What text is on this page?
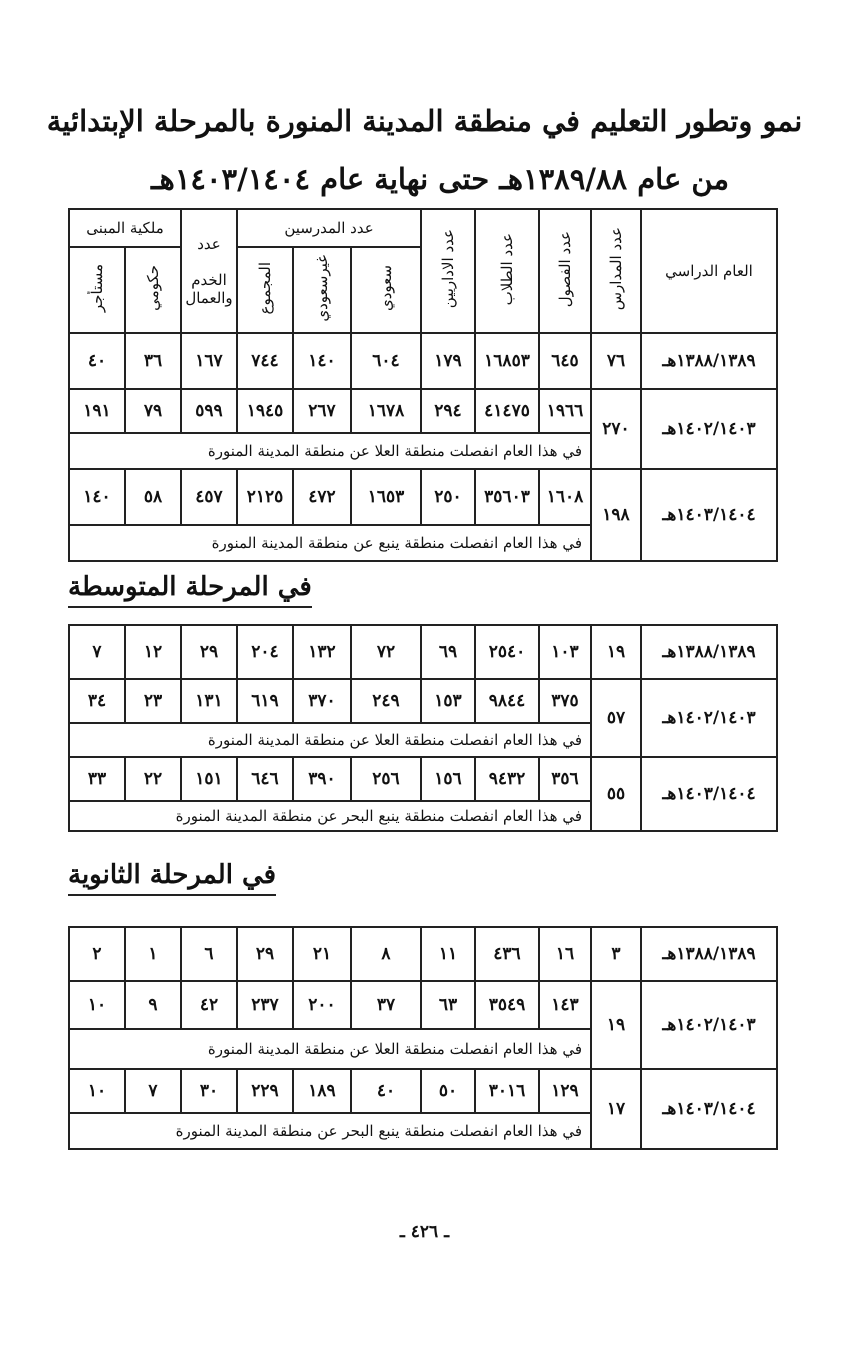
نمو وتطور التعليم في منطقة المدينة المنورة بالمرحلة الإبتدائية
من عام ١٣٨٩/٨٨هـ حتى نهاية عام ١٤٠٣/١٤٠٤هـ
العام الدراسي	عدد المدارس	عدد الفصول	عدد الطلاب	عدد الاداريين	عدد المدرسين			عدد
الخدم
والعمال	ملكية المبنى	
					سعودي	غيرسعودي	المجموع		حكومي	مستأجر
١٣٨٨/١٣٨٩هـ	٧٦	٦٤٥	١٦٨٥٣	١٧٩	٦٠٤	١٤٠	٧٤٤	١٦٧	٣٦	٤٠
١٤٠٢/١٤٠٣هـ	٢٧٠	١٩٦٦	٤١٤٧٥	٢٩٤	١٦٧٨	٢٦٧	١٩٤٥	٥٩٩	٧٩	١٩١
		في هذا العام انفصلت منطقة العلا عن منطقة المدينة المنورة								
١٤٠٣/١٤٠٤هـ	١٩٨	١٦٠٨	٣٥٦٠٣	٢٥٠	١٦٥٣	٤٧٢	٢١٢٥	٤٥٧	٥٨	١٤٠
		في هذا العام انفصلت منطقة ينبع عن منطقة المدينة المنورة								
في المرحلة المتوسطة
١٣٨٨/١٣٨٩هـ	١٩	١٠٣	٢٥٤٠	٦٩	٧٢	١٣٢	٢٠٤	٢٩	١٢	٧
١٤٠٢/١٤٠٣هـ	٥٧	٣٧٥	٩٨٤٤	١٥٣	٢٤٩	٣٧٠	٦١٩	١٣١	٢٣	٣٤
		في هذا العام انفصلت منطقة العلا عن منطقة المدينة المنورة								
١٤٠٣/١٤٠٤هـ	٥٥	٣٥٦	٩٤٣٢	١٥٦	٢٥٦	٣٩٠	٦٤٦	١٥١	٢٢	٣٣
		في هذا العام انفصلت منطقة ينبع البحر عن منطقة المدينة المنورة								
في المرحلة الثانوية
١٣٨٨/١٣٨٩هـ	٣	١٦	٤٣٦	١١	٨	٢١	٢٩	٦	١	٢
١٤٠٢/١٤٠٣هـ	١٩	١٤٣	٣٥٤٩	٦٣	٣٧	٢٠٠	٢٣٧	٤٢	٩	١٠
		في هذا العام انفصلت منطقة العلا عن منطقة المدينة المنورة								
١٤٠٣/١٤٠٤هـ	١٧	١٢٩	٣٠١٦	٥٠	٤٠	١٨٩	٢٢٩	٣٠	٧	١٠
		في هذا العام انفصلت منطقة ينبع البحر عن منطقة المدينة المنورة								
ـ ٤٢٦ ـ
